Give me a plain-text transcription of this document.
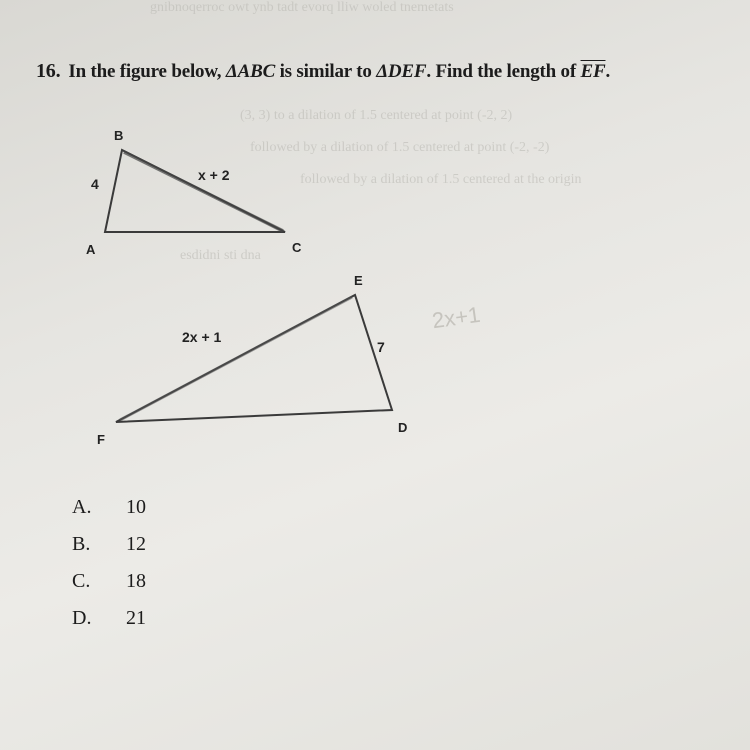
gnibnoqerroc owt ynb tadt evorq lliw woled tnemetats
(3, 3) to a dilation of 1.5 centered at point (-2, 2)
followed by a dilation of 1.5 centered at point (-2, -2)
followed by a dilation of 1.5 centered at the origin
esdidni sti dna
16. In the figure below, ΔABC is similar to ΔDEF. Find the length of $\overline{EF}$.
B
A	C
4
x + 2
E
D
F
2x + 1
7
2x+1
A.	10
B.	12
C.	18
D.	21
